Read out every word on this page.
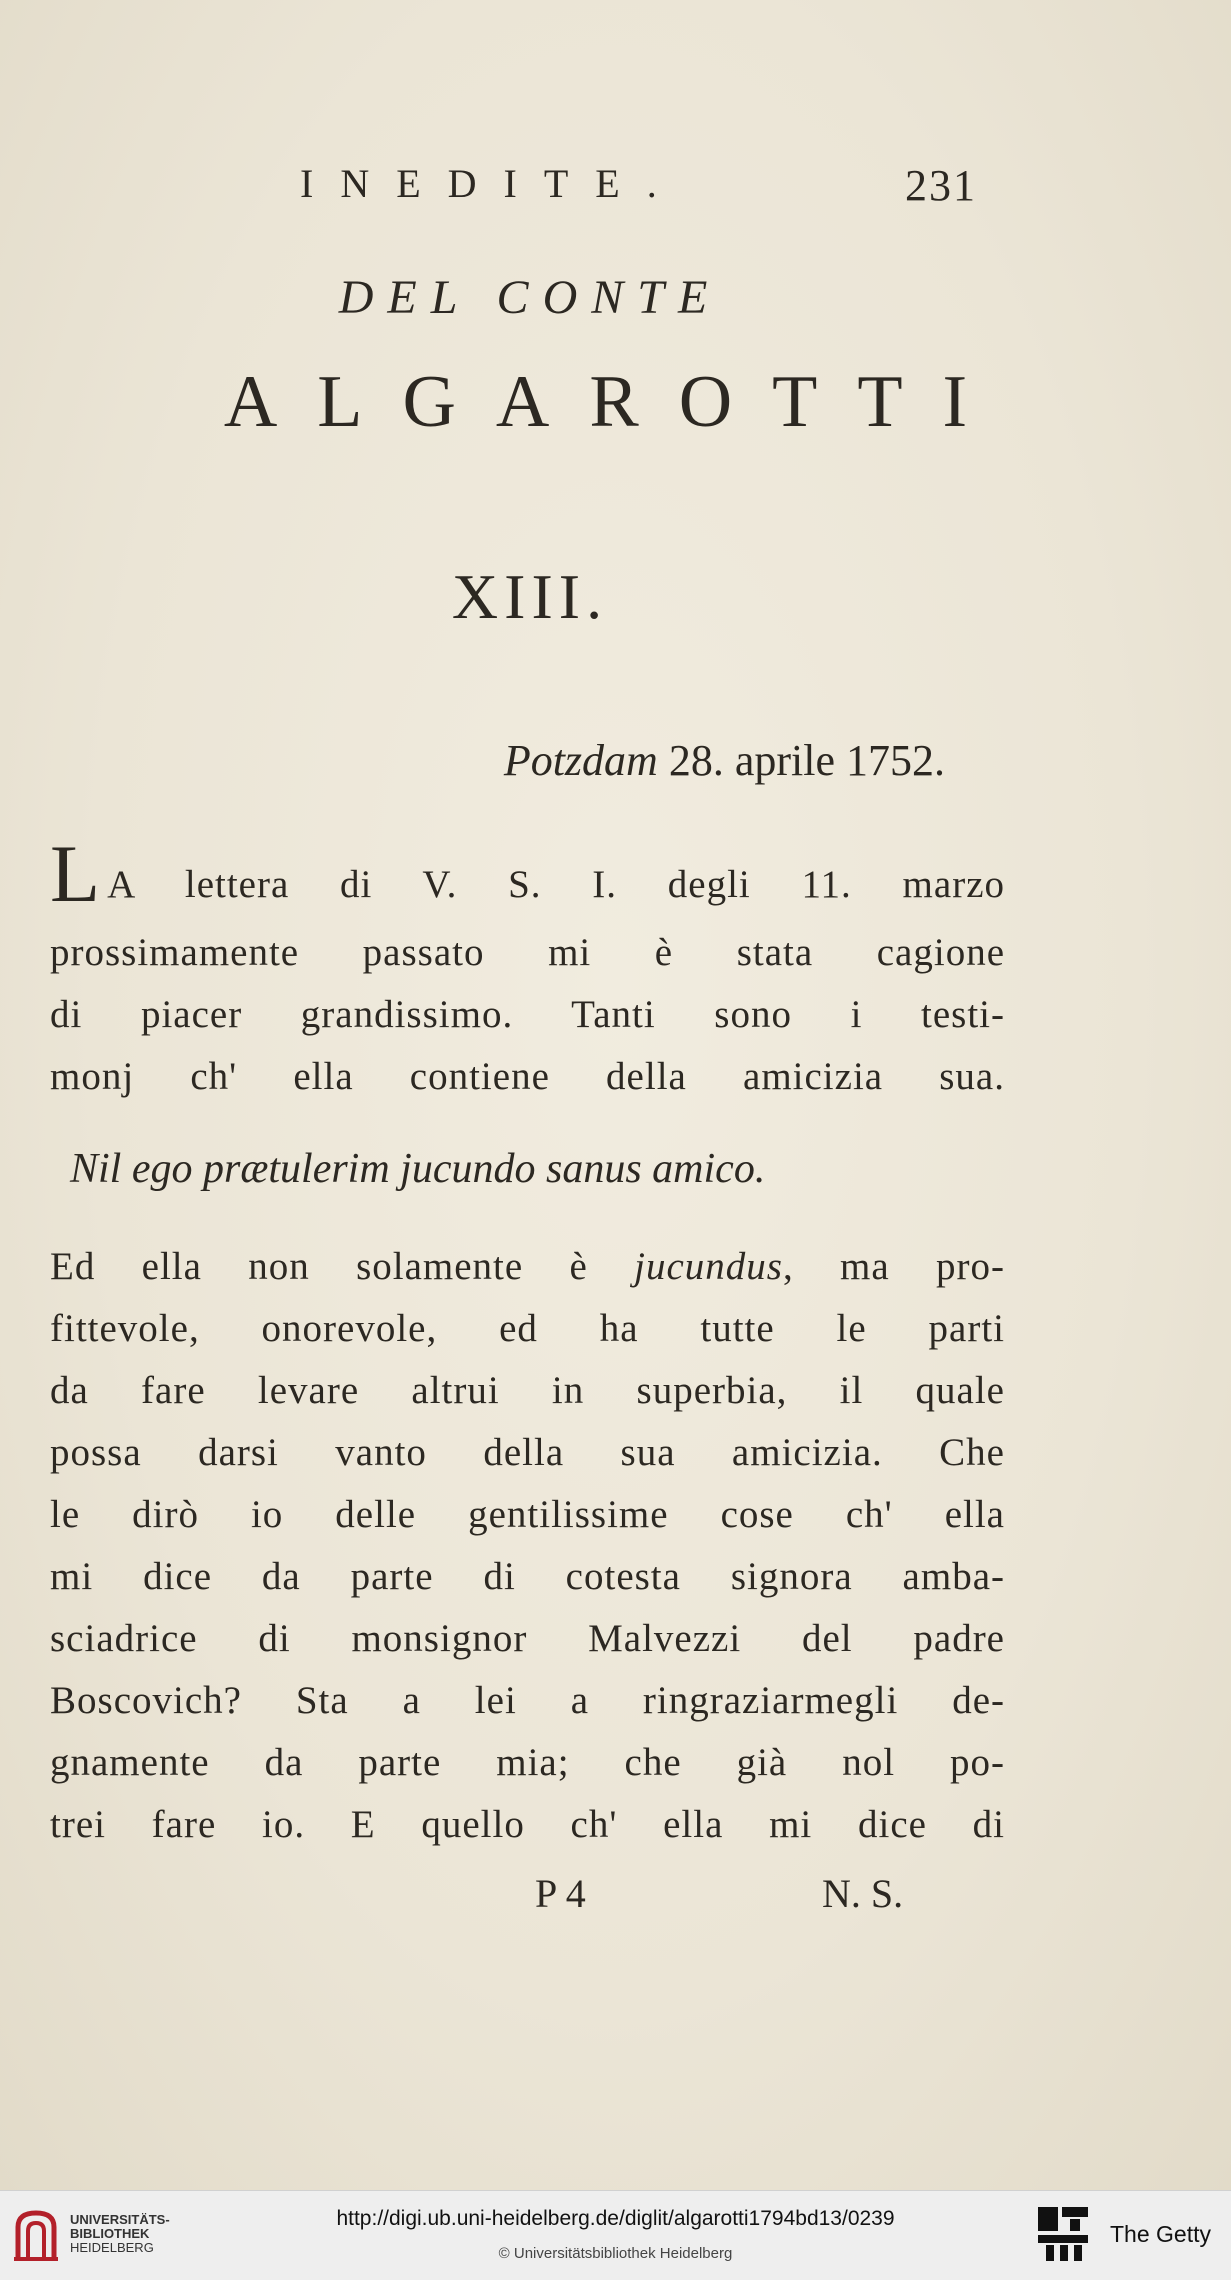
INEDITE.	231
DEL CONTE
ALGAROTTI
XIII.
Potzdam 28. aprile 1752.
L A lettera di V. S. I. degli 11. marzo
prossimamente passato mi è stata cagione
di piacer grandissimo. Tanti sono i testi-
monj ch' ella contiene della amicizia sua.
Nil ego prætulerim jucundo sanus amico.
Ed ella non solamente è jucundus, ma pro-
fittevole, onorevole, ed ha tutte le parti
da fare levare altrui in superbia, il quale
possa darsi vanto della sua amicizia. Che
le dirò io delle gentilissime cose ch' ella
mi dice da parte di cotesta signora amba-
sciadrice di monsignor Malvezzi del padre
Boscovich? Sta a lei a ringraziarmegli de-
gnamente da parte mia; che già nol po-
trei fare io. E quello ch' ella mi dice di
P 4	N. S.
UNIVERSITÄTS-
BIBLIOTHEK
HEIDELBERG
http://digi.ub.uni-heidelberg.de/diglit/algarotti1794bd13/0239
© Universitätsbibliothek Heidelberg
The Getty
